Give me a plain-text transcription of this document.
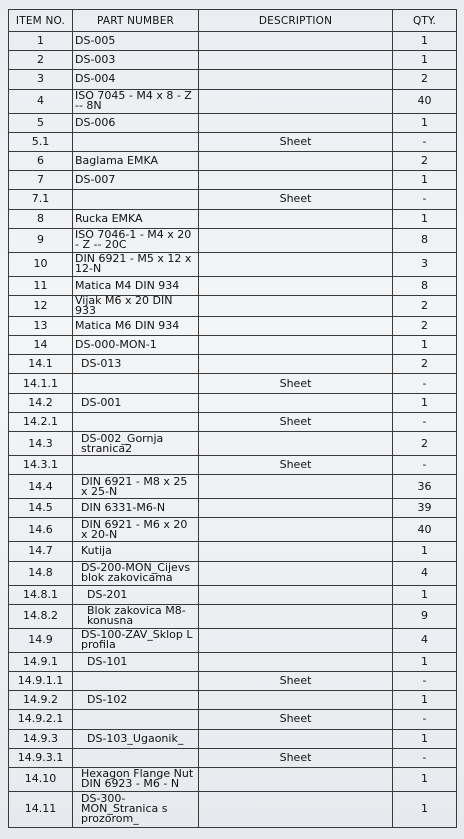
ITEM NO.	PART NUMBER	DESCRIPTION	QTY.
1	DS-005		1
2	DS-003		1
3	DS-004		2
4	ISO 7045 - M4 x 8 - Z -- 8N		40
5	DS-006		1
5.1		Sheet	-
6	Baglama EMKA		2
7	DS-007		1
7.1		Sheet	-
8	Rucka EMKA		1
9	ISO 7046-1 - M4 x 20 - Z -- 20C		8
10	DIN 6921 - M5 x 12 x 12-N		3
11	Matica M4 DIN 934		8
12	Vijak M6 x 20 DIN 933		2
13	Matica M6 DIN 934		2
14	DS-000-MON-1		1
14.1	DS-013		2
14.1.1		Sheet	-
14.2	DS-001		1
14.2.1		Sheet	-
14.3	DS-002_Gornja stranica2		2
14.3.1		Sheet	-
14.4	DIN 6921 - M8 x 25 x 25-N		36
14.5	DIN 6331-M6-N		39
14.6	DIN 6921 - M6 x 20 x 20-N		40
14.7	Kutija		1
14.8	DS-200-MON_Cijevs blok zakovicama		4
14.8.1	DS-201		1
14.8.2	Blok zakovica M8-konusna		9
14.9	DS-100-ZAV_Sklop L profila		4
14.9.1	DS-101		1
14.9.1.1		Sheet	-
14.9.2	DS-102		1
14.9.2.1		Sheet	-
14.9.3	DS-103_Ugaonik_		1
14.9.3.1		Sheet	-
14.10	Hexagon Flange Nut DIN 6923 - M6 - N		1
14.11	DS-300-MON_Stranica s prozorom_		1
